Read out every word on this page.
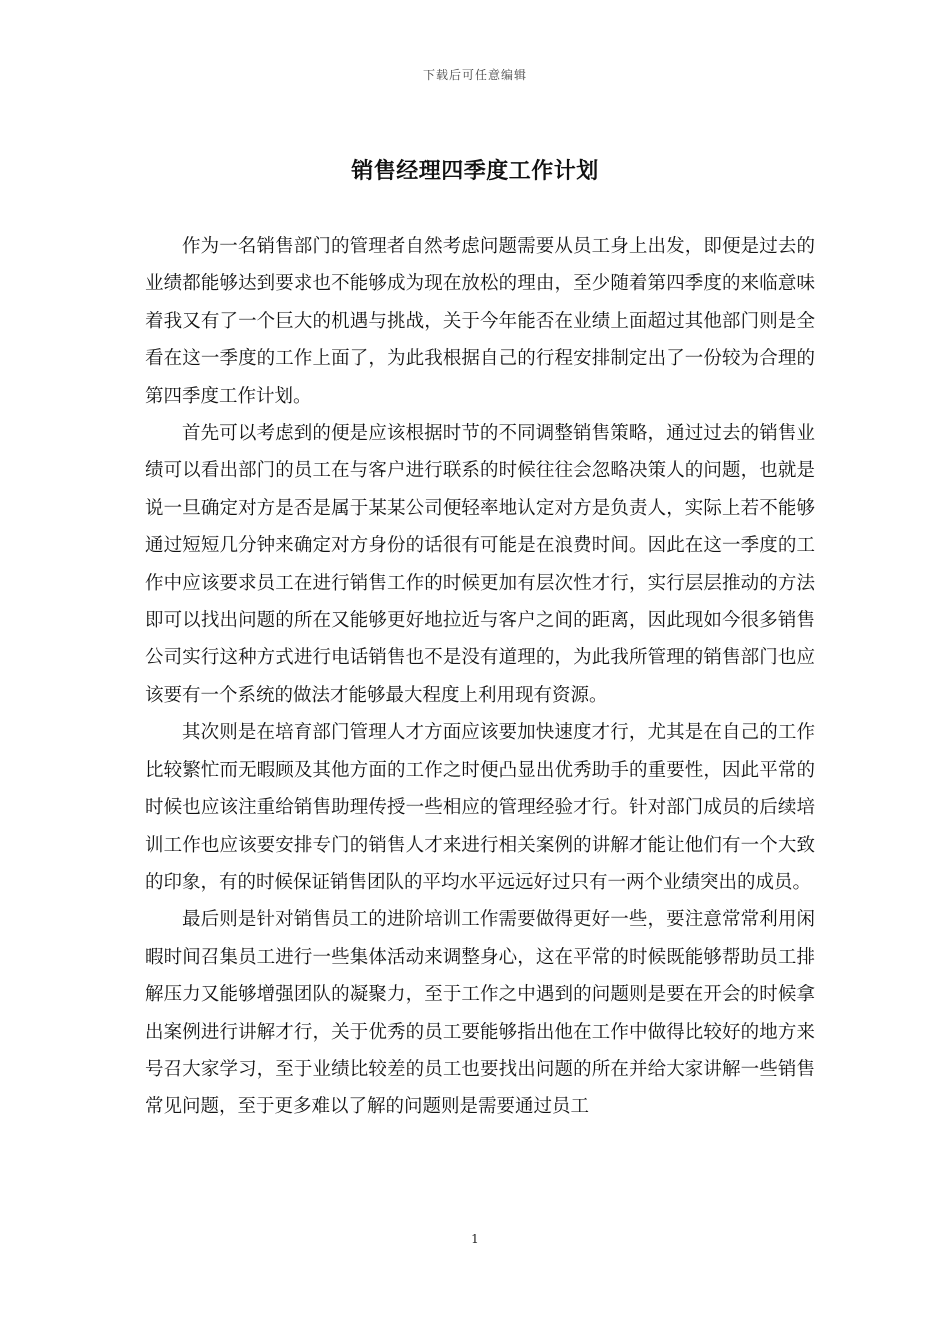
下载后可任意编辑
销售经理四季度工作计划

作为一名销售部门的管理者自然考虑问题需要从员工身上出发，即便是过去的业绩都能够达到要求也不能够成为现在放松的理由，至少随着第四季度的来临意味着我又有了一个巨大的机遇与挑战，关于今年能否在业绩上面超过其他部门则是全看在这一季度的工作上面了，为此我根据自己的行程安排制定出了一份较为合理的第四季度工作计划。

首先可以考虑到的便是应该根据时节的不同调整销售策略，通过过去的销售业绩可以看出部门的员工在与客户进行联系的时候往往会忽略决策人的问题，也就是说一旦确定对方是否是属于某某公司便轻率地认定对方是负责人，实际上若不能够通过短短几分钟来确定对方身份的话很有可能是在浪费时间。因此在这一季度的工作中应该要求员工在进行销售工作的时候更加有层次性才行，实行层层推动的方法即可以找出问题的所在又能够更好地拉近与客户之间的距离，因此现如今很多销售公司实行这种方式进行电话销售也不是没有道理的，为此我所管理的销售部门也应该要有一个系统的做法才能够最大程度上利用现有资源。

其次则是在培育部门管理人才方面应该要加快速度才行，尤其是在自己的工作比较繁忙而无暇顾及其他方面的工作之时便凸显出优秀助手的重要性，因此平常的时候也应该注重给销售助理传授一些相应的管理经验才行。针对部门成员的后续培训工作也应该要安排专门的销售人才来进行相关案例的讲解才能让他们有一个大致的印象，有的时候保证销售团队的平均水平远远好过只有一两个业绩突出的成员。

最后则是针对销售员工的进阶培训工作需要做得更好一些，要注意常常利用闲暇时间召集员工进行一些集体活动来调整身心，这在平常的时候既能够帮助员工排解压力又能够增强团队的凝聚力，至于工作之中遇到的问题则是要在开会的时候拿出案例进行讲解才行，关于优秀的员工要能够指出他在工作中做得比较好的地方来号召大家学习，至于业绩比较差的员工也要找出问题的所在并给大家讲解一些销售常见问题，至于更多难以了解的问题则是需要通过员工

1
